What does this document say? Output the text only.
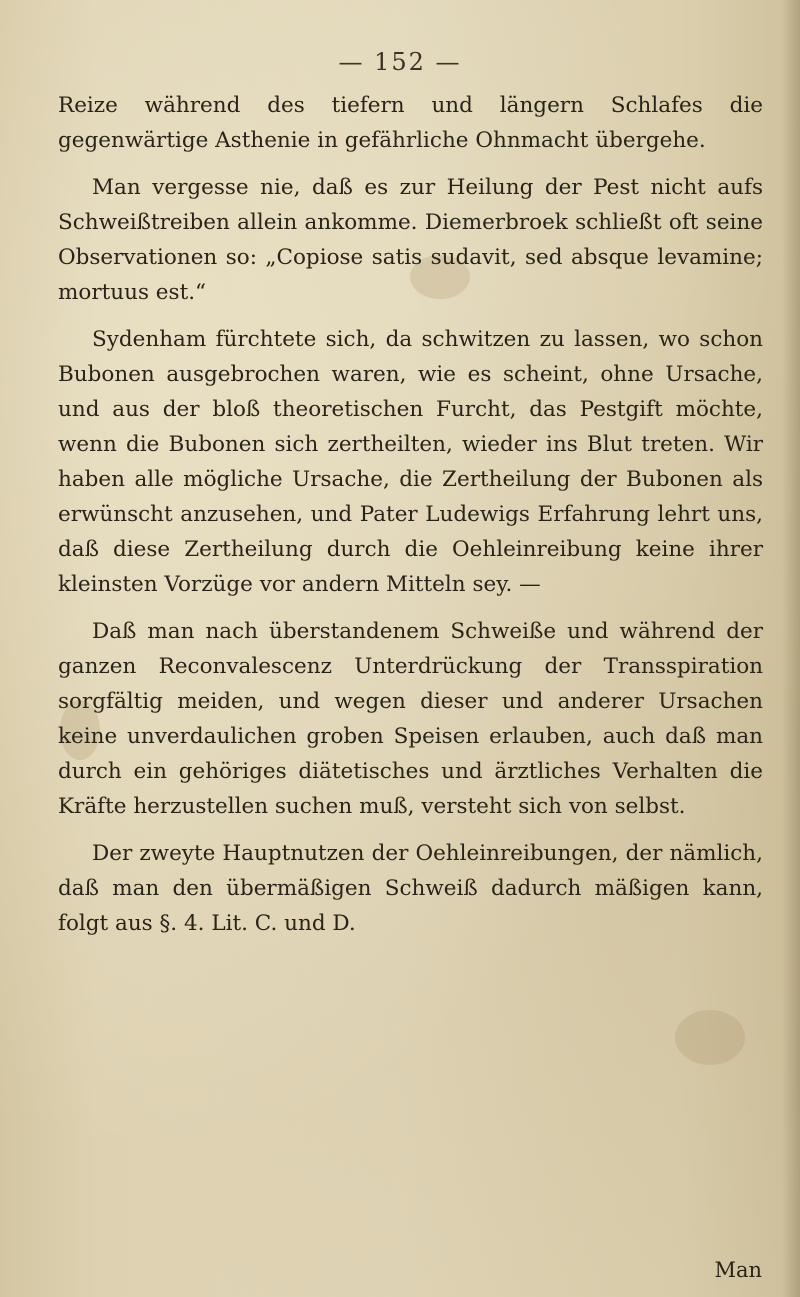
— 152 —

Reize während des tiefern und längern Schlafes die gegenwärtige Asthenie in gefährliche Ohnmacht übergehe.

Man vergesse nie, daß es zur Heilung der Pest nicht aufs Schweißtreiben allein ankomme. Diemerbroek schließt oft seine Observationen so: „Copiose satis sudavit, sed absque levamine; mortuus est.“

Sydenham fürchtete sich, da schwitzen zu lassen, wo schon Bubonen ausgebrochen waren, wie es scheint, ohne Ursache, und aus der bloß theoretischen Furcht, das Pestgift möchte, wenn die Bubonen sich zertheilten, wieder ins Blut treten. Wir haben alle mögliche Ursache, die Zertheilung der Bubonen als erwünscht anzusehen, und Pater Ludewigs Erfahrung lehrt uns, daß diese Zertheilung durch die Oehleinreibung keine ihrer kleinsten Vorzüge vor andern Mitteln sey. —

Daß man nach überstandenem Schweiße und während der ganzen Reconvalescenz Unterdrückung der Transspiration sorgfältig meiden, und wegen dieser und anderer Ursachen keine unverdaulichen groben Speisen erlauben, auch daß man durch ein gehöriges diätetisches und ärztliches Verhalten die Kräfte herzustellen suchen muß, versteht sich von selbst.

Der zweyte Hauptnutzen der Oehleinreibungen, der nämlich, daß man den übermäßigen Schweiß dadurch mäßigen kann, folgt aus §. 4. Lit. C. und D.

Man
